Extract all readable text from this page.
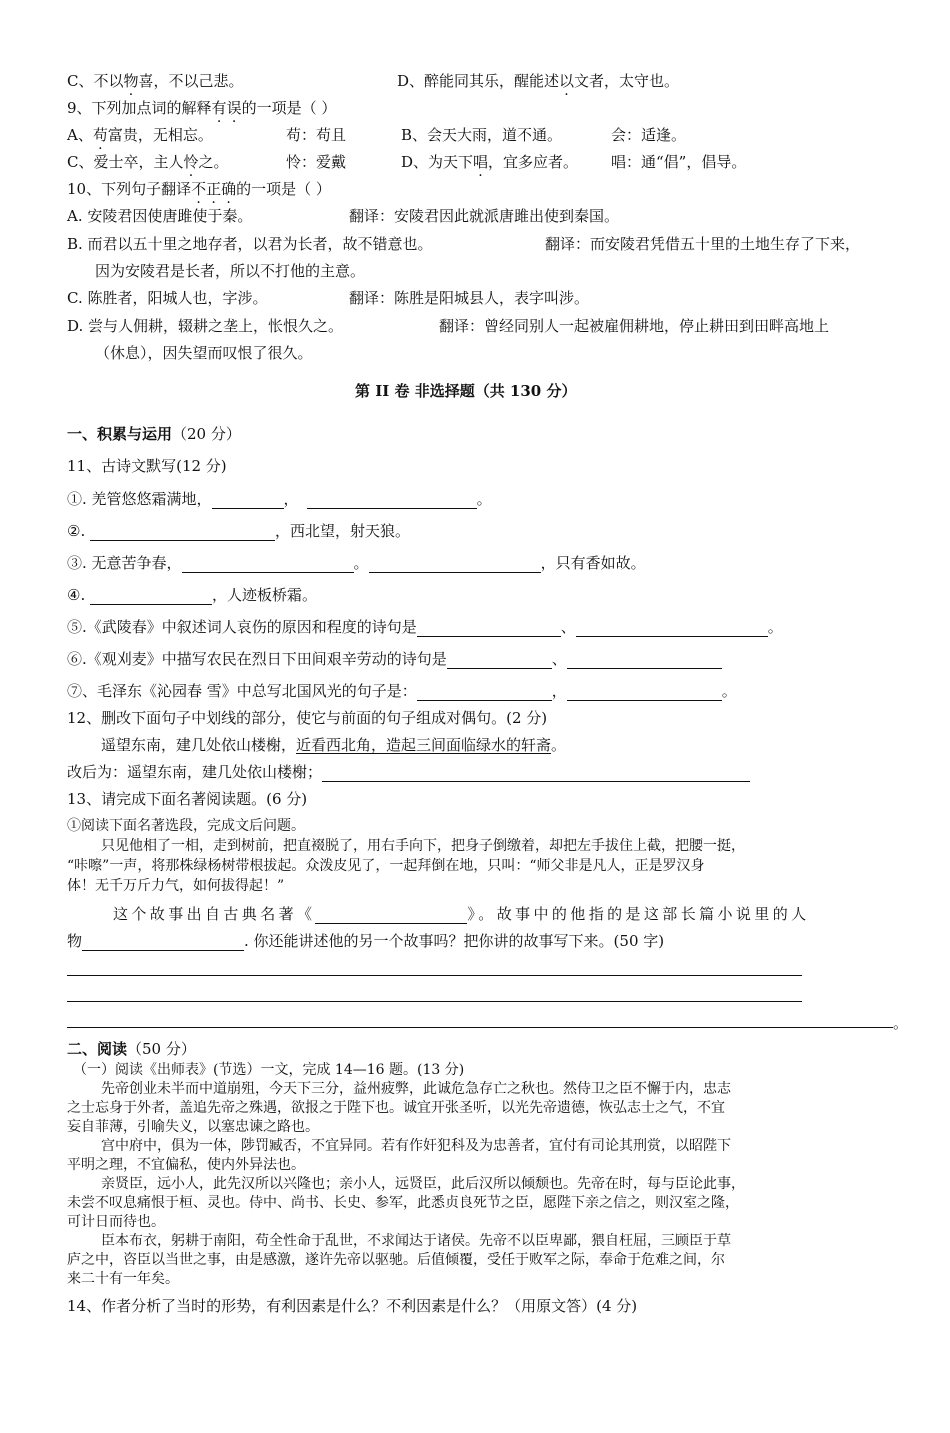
C、不以物喜，不以己悲。	D、醉能同其乐，醒能述以文者，太守也。
9、下列加点词的解释有误的一项是（ ）
A、苟富贵，无相忘。	苟：苟且	B、会天大雨，道不通。	会：适逢。
C、爱士卒，主人怜之。	怜：爱戴	D、为天下唱，宜多应者。 唱：通“倡”，倡导。
10、下列句子翻译不正确的一项是（ ）
A. 安陵君因使唐雎使于秦。	翻译：安陵君因此就派唐雎出使到秦国。
B. 而君以五十里之地存者，以君为长者，故不错意也。	翻译：而安陵君凭借五十里的土地生存了下来，
因为安陵君是长者，所以不打他的主意。
C. 陈胜者，阳城人也，字涉。	翻译：陈胜是阳城县人，表字叫涉。
D. 尝与人佣耕，辍耕之垄上，怅恨久之。	翻译：曾经同别人一起被雇佣耕地，停止耕田到田畔高地上
（休息），因失望而叹恨了很久。
第 II 卷 非选择题（共 130 分）
一、积累与运用（20 分）
11、古诗文默写(12 分)
①. 羌管悠悠霜满地，	，	。
②.	，西北望，射天狼。
③. 无意苦争春，	。	，只有香如故。
④.	，人迹板桥霜。
⑤.《武陵春》中叙述词人哀伤的原因和程度的诗句是	、	。
⑥.《观刈麦》中描写农民在烈日下田间艰辛劳动的诗句是	、
⑦、毛泽东《沁园春 雪》中总写北国风光的句子是：	，	。
12、删改下面句子中划线的部分，使它与前面的句子组成对偶句。(2 分)
遥望东南，建几处依山楼榭，近看西北角，造起三间面临绿水的轩斋。
改后为：遥望东南，建几处依山楼榭；
13、请完成下面名著阅读题。(6 分)
①阅读下面名著选段，完成文后问题。
只见他相了一相，走到树前，把直裰脱了，用右手向下，把身子倒缴着，却把左手拔住上截，把腰一挺，
“咔嚓”一声，将那株绿杨树带根拔起。众泼皮见了，一起拜倒在地，只叫：“师父非是凡人，正是罗汉身
体！无千万斤力气，如何拔得起！”
这个故事出自古典名著《	》。故事中的他指的是这部长篇小说里的人
物	. 你还能讲述他的另一个故事吗？把你讲的故事写下来。(50 字)
。
二、阅读（50 分）
（一）阅读《出师表》(节选）一文，完成 14—16 题。(13 分)
先帝创业未半而中道崩殂，今天下三分，益州疲弊，此诚危急存亡之秋也。然侍卫之臣不懈于内，忠志
之士忘身于外者，盖追先帝之殊遇，欲报之于陛下也。诚宜开张圣听，以光先帝遗德，恢弘志士之气，不宜
妄自菲薄，引喻失义，以塞忠谏之路也。
宫中府中，俱为一体，陟罚臧否，不宜异同。若有作奸犯科及为忠善者，宜付有司论其刑赏，以昭陛下
平明之理，不宜偏私，使内外异法也。
亲贤臣，远小人，此先汉所以兴隆也；亲小人，远贤臣，此后汉所以倾颓也。先帝在时，每与臣论此事，
未尝不叹息痛恨于桓、灵也。侍中、尚书、长史、参军，此悉贞良死节之臣，愿陛下亲之信之，则汉室之隆，
可计日而待也。
臣本布衣，躬耕于南阳，苟全性命于乱世，不求闻达于诸侯。先帝不以臣卑鄙，猥自枉屈，三顾臣于草
庐之中，咨臣以当世之事，由是感激，遂许先帝以驱驰。后值倾覆，受任于败军之际，奉命于危难之间，尔
来二十有一年矣。
14、作者分析了当时的形势，有利因素是什么？不利因素是什么？（用原文答）(4 分)
